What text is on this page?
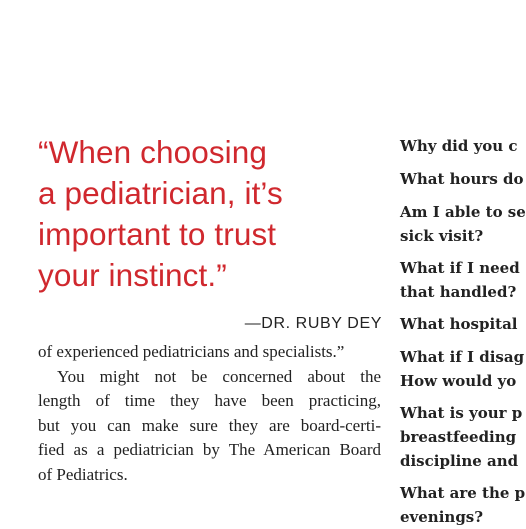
“When choosing
a pediatrician, it’s
important to trust
your instinct.”
—DR. RUBY DEY
of experienced pediatricians and specialists.”
You might not be concerned about the
length of time they have been practicing,
but you can make sure they are board-certi-
fied as a pediatrician by The American Board
of Pediatrics.
Why did you c
What hours do
Am I able to se
sick visit?
What if I need
that handled?
What hospital
What if I disag
How would yo
What is your p
breastfeeding
discipline and
What are the p
evenings?
